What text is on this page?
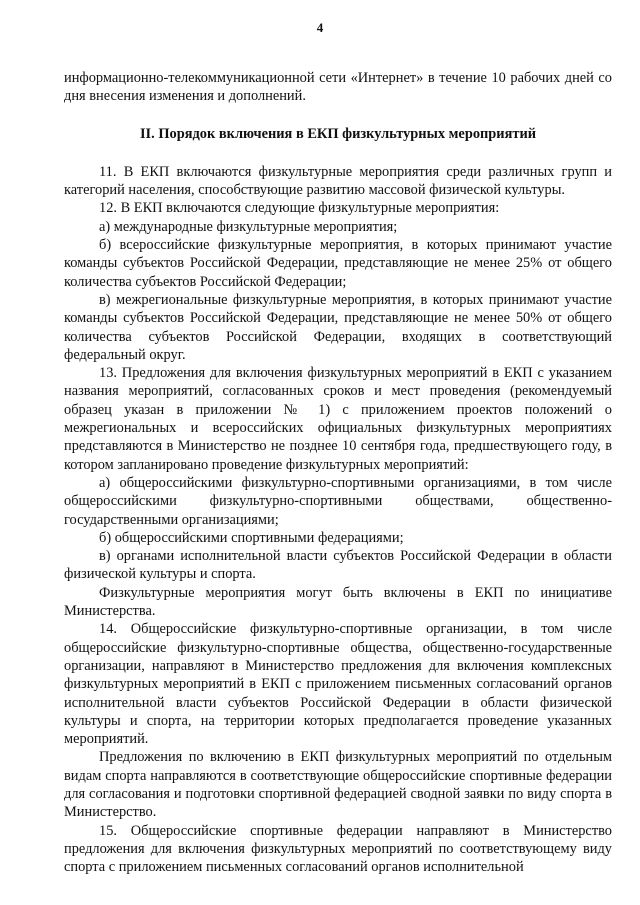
4

информационно-телекоммуникационной сети «Интернет» в течение 10 рабочих дней со дня внесения изменения и дополнений.

II. Порядок включения в ЕКП физкультурных мероприятий

11. В ЕКП включаются физкультурные мероприятия среди различных групп и категорий населения, способствующие развитию массовой физической культуры.

12. В ЕКП включаются следующие физкультурные мероприятия:

а) международные физкультурные мероприятия;

б) всероссийские физкультурные мероприятия, в которых принимают участие команды субъектов Российской Федерации, представляющие не менее 25% от общего количества субъектов Российской Федерации;

в) межрегиональные физкультурные мероприятия, в которых принимают участие команды субъектов Российской Федерации, представляющие не менее 50% от общего количества субъектов Российской Федерации, входящих в соответствующий федеральный округ.

13. Предложения для включения физкультурных мероприятий в ЕКП с указанием названия мероприятий, согласованных сроков и мест проведения (рекомендуемый образец указан в приложении № 1) с приложением проектов положений о межрегиональных и всероссийских официальных физкультурных мероприятиях представляются в Министерство не позднее 10 сентября года, предшествующего году, в котором запланировано проведение физкультурных мероприятий:

а) общероссийскими физкультурно-спортивными организациями, в том числе общероссийскими физкультурно-спортивными обществами, общественно-государственными организациями;

б) общероссийскими спортивными федерациями;

в) органами исполнительной власти субъектов Российской Федерации в области физической культуры и спорта.

Физкультурные мероприятия могут быть включены в ЕКП по инициативе Министерства.

14. Общероссийские физкультурно-спортивные организации, в том числе общероссийские физкультурно-спортивные общества, общественно-государственные организации, направляют в Министерство предложения для включения комплексных физкультурных мероприятий в ЕКП с приложением письменных согласований органов исполнительной власти субъектов Российской Федерации в области физической культуры и спорта, на территории которых предполагается проведение указанных мероприятий.

Предложения по включению в ЕКП физкультурных мероприятий по отдельным видам спорта направляются в соответствующие общероссийские спортивные федерации для согласования и подготовки спортивной федерацией сводной заявки по виду спорта в Министерство.

15. Общероссийские спортивные федерации направляют в Министерство предложения для включения физкультурных мероприятий по соответствующему виду спорта с приложением письменных согласований органов исполнительной
